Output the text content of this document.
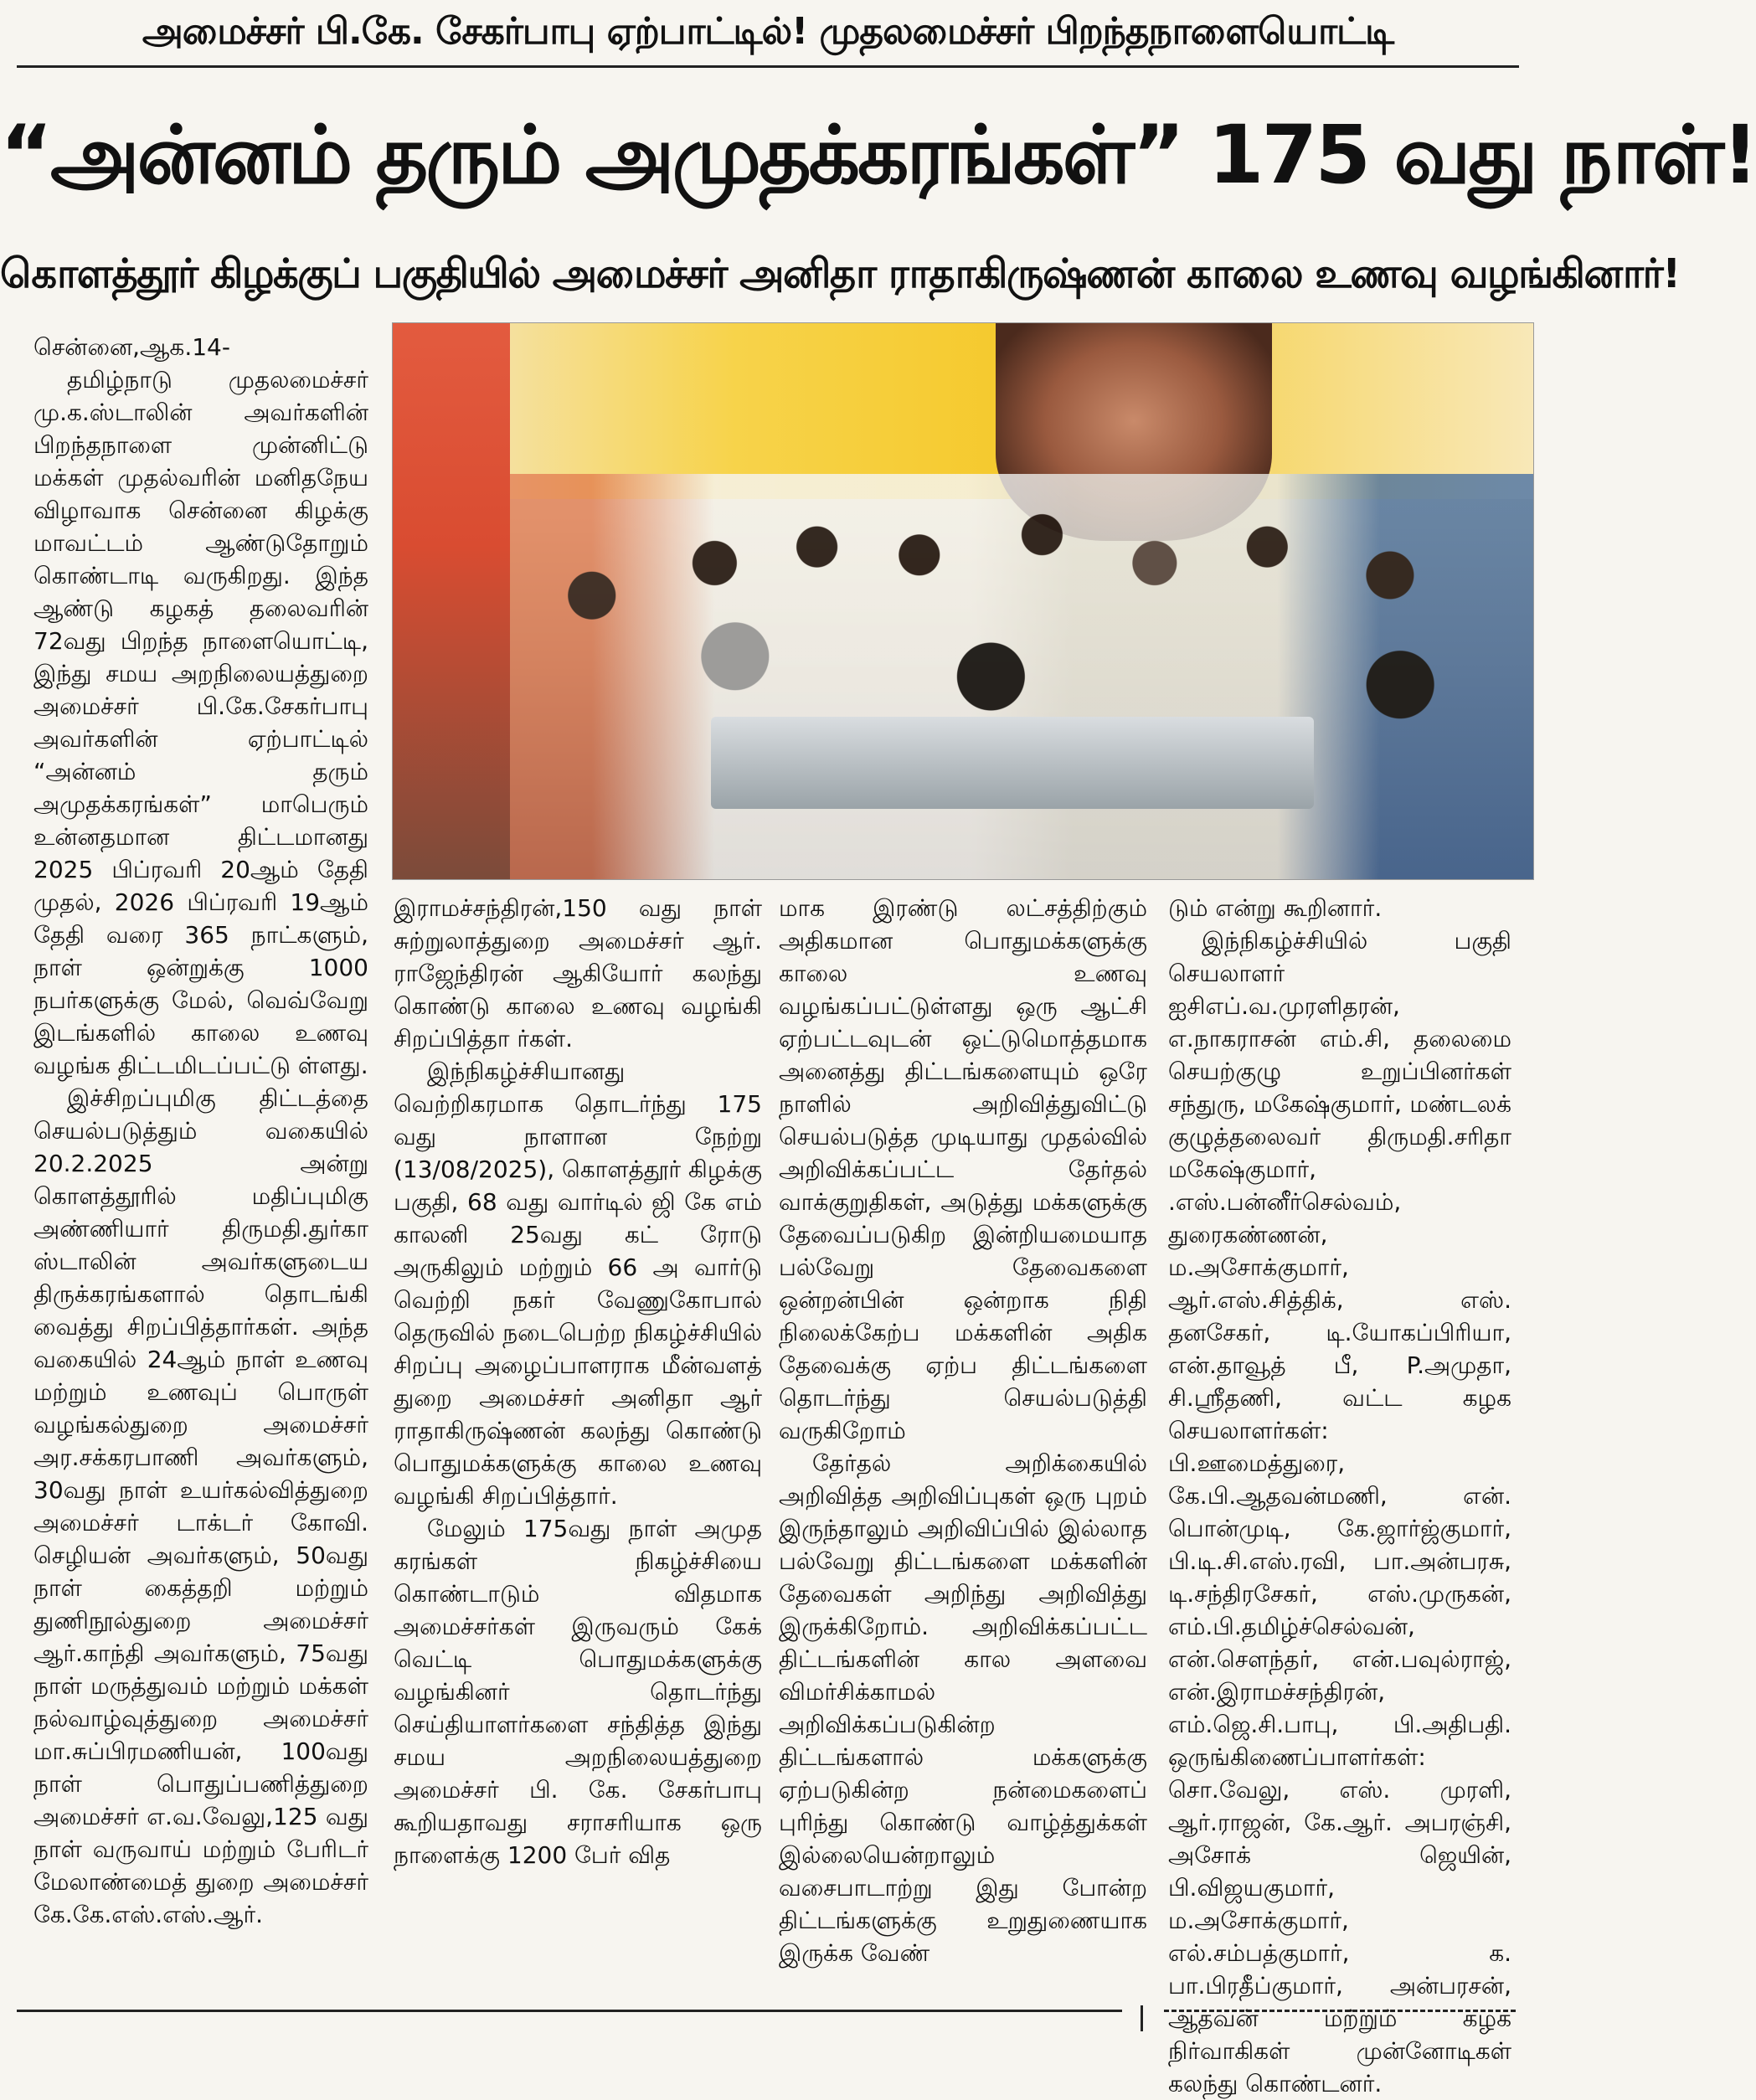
அமைச்சர் பி.கே. சேகர்பாபு ஏற்பாட்டில்! முதலமைச்சர் பிறந்தநாளையொட்டி
“அன்னம் தரும் அமுதக்கரங்கள்” 175 வது நாள்!
கொளத்தூர் கிழக்குப் பகுதியில் அமைச்சர் அனிதா ராதாகிருஷ்ணன் காலை உணவு வழங்கினார்!

சென்னை,ஆக.14-

தமிழ்நாடு முதலமைச்சர் மு.க.ஸ்டாலின் அவர்களின் பிறந்தநாளை முன்னிட்டு மக்கள் முதல்வரின் மனிதநேய விழாவாக சென்னை கிழக்கு மாவட்டம் ஆண்டுதோறும் கொண்டாடி வருகிறது. இந்த ஆண்டு கழகத் தலைவரின் 72வது பிறந்த நாளையொட்டி, இந்து சமய அறநிலையத்துறை அமைச்சர் பி.கே.சேகர்பாபு அவர்களின் ஏற்பாட்டில் “அன்னம் தரும் அமுதக்கரங்கள்” மாபெரும் உன்னதமான திட்டமானது 2025 பிப்ரவரி 20ஆம் தேதி முதல், 2026 பிப்ரவரி 19ஆம் தேதி வரை 365 நாட்களும், நாள் ஒன்றுக்கு 1000 நபர்களுக்கு மேல், வெவ்வேறு இடங்களில் காலை உணவு வழங்க திட்டமிடப்பட்டு ள்ளது.

இச்சிறப்புமிகு திட்டத்தை செயல்படுத்தும் வகையில் 20.2.2025 அன்று கொளத்தூரில் மதிப்புமிகு அண்ணியார் திருமதி.துர்கா ஸ்டாலின் அவர்களுடைய திருக்கரங்களால் தொடங்கி வைத்து சிறப்பித்தார்கள். அந்த வகையில் 24ஆம் நாள் உணவு மற்றும் உணவுப் பொருள் வழங்கல்துறை அமைச்சர் அர.சக்கரபாணி அவர்களும், 30வது நாள் உயர்கல்வித்துறை அமைச்சர் டாக்டர் கோவி. செழியன் அவர்களும், 50வது நாள் கைத்தறி மற்றும் துணிநூல்துறை அமைச்சர் ஆர்.காந்தி அவர்களும், 75வது நாள் மருத்துவம் மற்றும் மக்கள் நல்வாழ்வுத்துறை அமைச்சர் மா.சுப்பிரமணியன், 100வது நாள் பொதுப்பணித்துறை அமைச்சர் எ.வ.வேலு,125 வது நாள் வருவாய் மற்றும் பேரிடர் மேலாண்மைத் துறை அமைச்சர் கே.கே.எஸ்.எஸ்.ஆர்.

இராமச்சந்திரன்,150 வது நாள் சுற்றுலாத்துறை அமைச்சர் ஆர். ராஜேந்திரன் ஆகியோர் கலந்து கொண்டு காலை உணவு வழங்கி சிறப்பித்தா ர்கள்.

இந்நிகழ்ச்சியானது வெற்றிகரமாக தொடர்ந்து 175 வது நாளான நேற்று (13/08/2025), கொளத்தூர் கிழக்கு பகுதி, 68 வது வார்டில் ஜி கே எம் காலனி 25வது கட் ரோடு அருகிலும் மற்றும் 66 அ வார்டு வெற்றி நகர் வேணுகோபால் தெருவில் நடைபெற்ற நிகழ்ச்சியில் சிறப்பு அழைப்பாளராக மீன்வளத் துறை அமைச்சர் அனிதா ஆர் ராதாகிருஷ்ணன் கலந்து கொண்டு பொதுமக்களுக்கு காலை உணவு வழங்கி சிறப்பித்தார்.

மேலும் 175வது நாள் அமுத கரங்கள் நிகழ்ச்சியை கொண்டாடும் விதமாக அமைச்சர்கள் இருவரும் கேக் வெட்டி பொதுமக்களுக்கு வழங்கினர் தொடர்ந்து செய்தியாளர்களை சந்தித்த இந்து சமய அறநிலையத்துறை அமைச்சர் பி. கே. சேகர்பாபு கூறியதாவது சராசரியாக ஒரு நாளைக்கு 1200 பேர் வித

மாக இரண்டு லட்சத்திற்கும் அதிகமான பொதுமக்களுக்கு காலை உணவு வழங்கப்பட்டுள்ளது ஒரு ஆட்சி ஏற்பட்டவுடன் ஒட்டுமொத்தமாக அனைத்து திட்டங்களையும் ஒரே நாளில் அறிவித்துவிட்டு செயல்படுத்த முடியாது முதல்வில் அறிவிக்கப்பட்ட தேர்தல் வாக்குறுதிகள், அடுத்து மக்களுக்கு தேவைப்படுகிற இன்றியமையாத பல்வேறு தேவைகளை ஒன்றன்பின் ஒன்றாக நிதி நிலைக்கேற்ப மக்களின் அதிக தேவைக்கு ஏற்ப திட்டங்களை தொடர்ந்து செயல்படுத்தி வருகிறோம்

தேர்தல் அறிக்கையில் அறிவித்த அறிவிப்புகள் ஒரு புறம் இருந்தாலும் அறிவிப்பில் இல்லாத பல்வேறு திட்டங்களை மக்களின் தேவைகள் அறிந்து அறிவித்து இருக்கிறோம். அறிவிக்கப்பட்ட திட்டங்களின் கால அளவை விமர்சிக்காமல் அறிவிக்கப்படுகின்ற திட்டங்களால் மக்களுக்கு ஏற்படுகின்ற நன்மைகளைப் புரிந்து கொண்டு வாழ்த்துக்கள் இல்லையென்றாலும் வசைபாடாற்று இது போன்ற திட்டங்களுக்கு உறுதுணையாக இருக்க வேண்

டும் என்று கூறினார்.

இந்நிகழ்ச்சியில் பகுதி செயலாளர் ஐசிஎப்.வ.முரளிதரன், எ.நாகராசன் எம்.சி, தலைமை செயற்குழு உறுப்பினர்கள் சந்துரு, மகேஷ்குமார், மண்டலக் குழுத்தலைவர் திருமதி.சரிதா மகேஷ்குமார், .எஸ்.பன்னீர்செல்வம், துரைகண்ணன், ம.அசோக்குமார், ஆர்.எஸ்.சித்திக், எஸ். தனசேகர், டி.யோகப்பிரியா, என்.தாவூத் பீ, P.அமுதா, சி.ஸ்ரீதணி, வட்ட கழக செயலாளர்கள்: பி.ஊமைத்துரை, கே.பி.ஆதவன்மணி, என். பொன்முடி, கே.ஜார்ஜ்குமார், பி.டி.சி.எஸ்.ரவி, பா.அன்பரசு, டி.சந்திரசேகர், எஸ்.முருகன், எம்.பி.தமிழ்ச்செல்வன், என்.சௌந்தர், என்.பவுல்ராஜ், என்.இராமச்சந்திரன், எம்.ஜெ.சி.பாபு, பி.அதிபதி. ஒருங்கிணைப்பாளர்கள்: சொ.வேலு, எஸ். முரளி, ஆர்.ராஜன், கே.ஆர். அபரஞ்சி, அசோக் ஜெயின், பி.விஜயகுமார், ம.அசோக்குமார், எல்.சம்பத்குமார், க. பா.பிரதீப்குமார், அன்பரசன், ஆதவன் மற்றும் கழக நிர்வாகிகள் முன்னோடிகள் கலந்து கொண்டனர்.
